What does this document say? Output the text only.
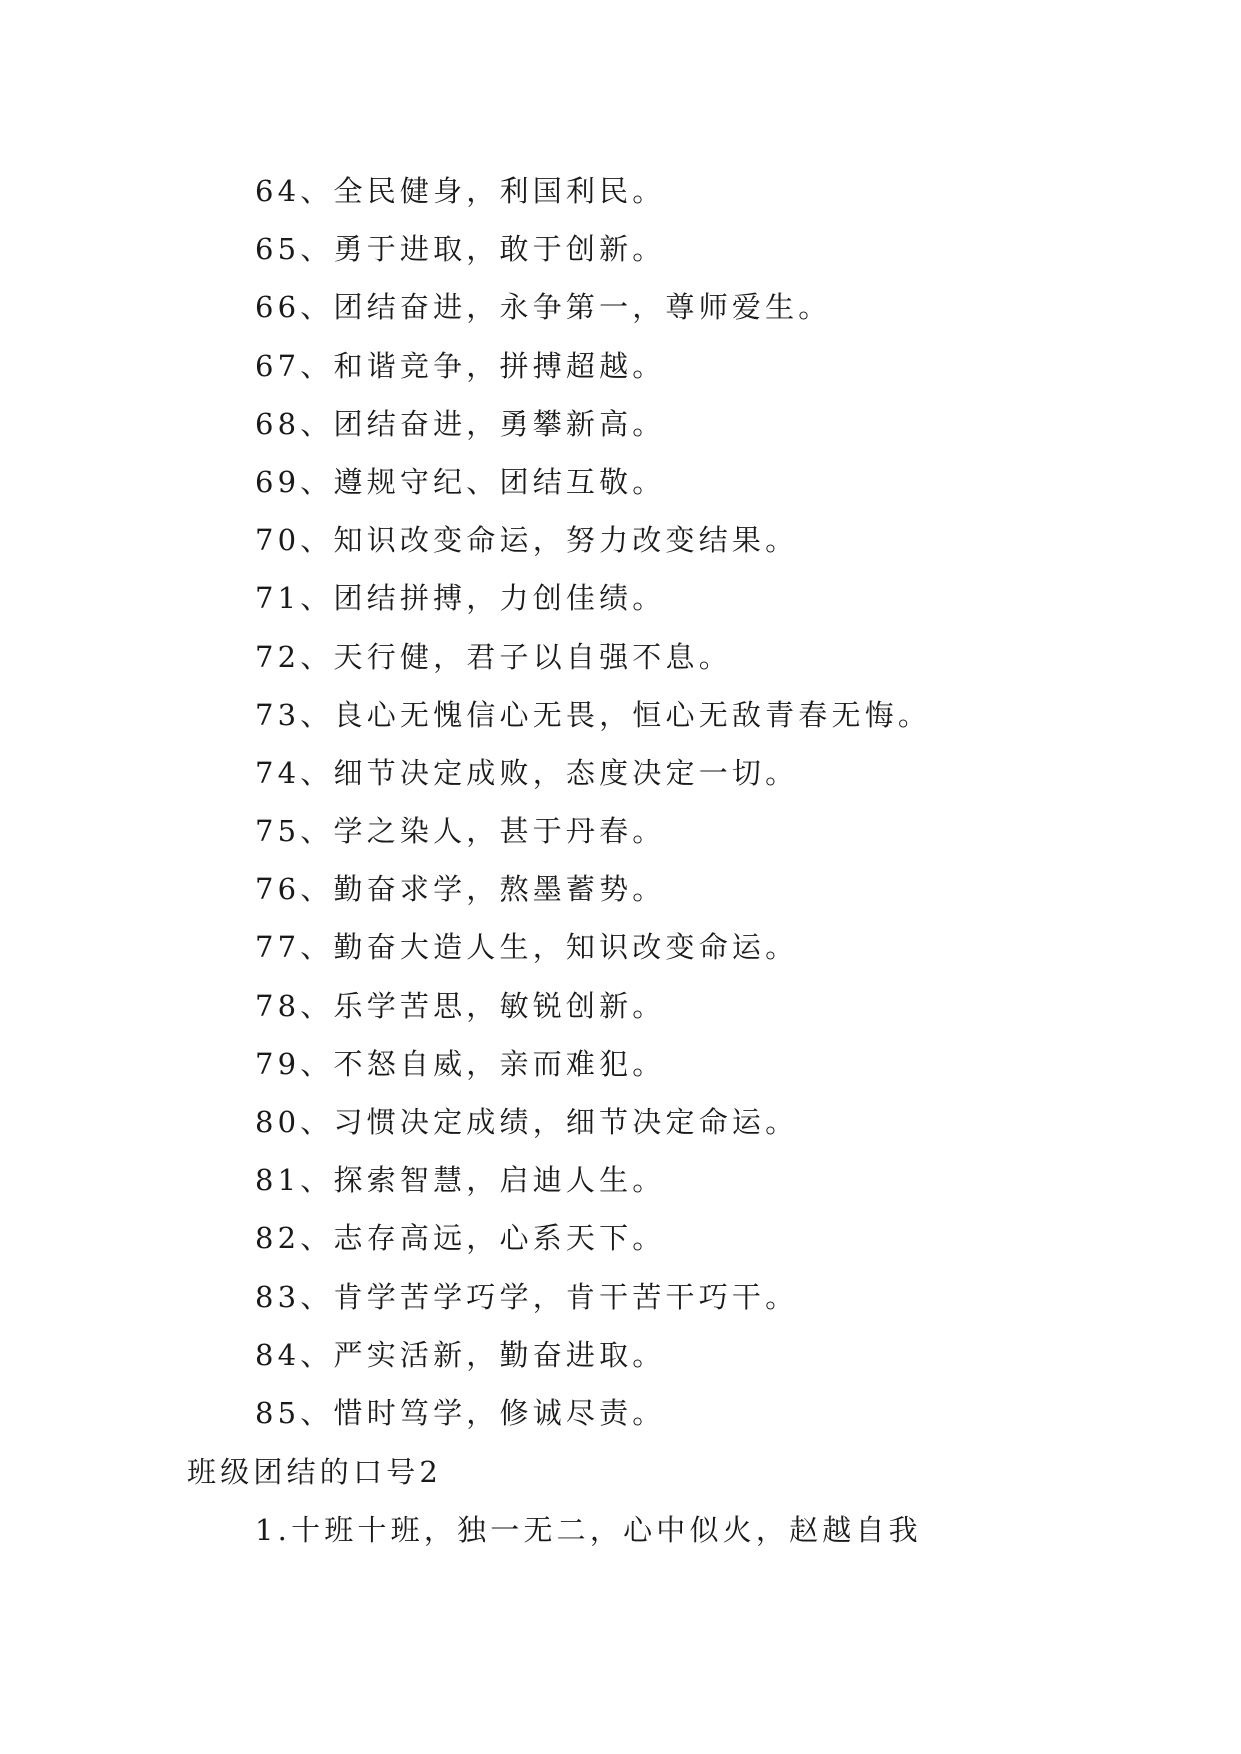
64、全民健身，利国利民。
65、勇于进取，敢于创新。
66、团结奋进，永争第一，尊师爱生。
67、和谐竞争，拼搏超越。
68、团结奋进，勇攀新高。
69、遵规守纪、团结互敬。
70、知识改变命运，努力改变结果。
71、团结拼搏，力创佳绩。
72、天行健，君子以自强不息。
73、良心无愧信心无畏，恒心无敌青春无悔。
74、细节决定成败，态度决定一切。
75、学之染人，甚于丹春。
76、勤奋求学，熬墨蓄势。
77、勤奋大造人生，知识改变命运。
78、乐学苦思，敏锐创新。
79、不怒自威，亲而难犯。
80、习惯决定成绩，细节决定命运。
81、探索智慧，启迪人生。
82、志存高远，心系天下。
83、肯学苦学巧学，肯干苦干巧干。
84、严实活新，勤奋进取。
85、惜时笃学，修诚尽责。
班级团结的口号2

1.十班十班，独一无二，心中似火，赵越自我
